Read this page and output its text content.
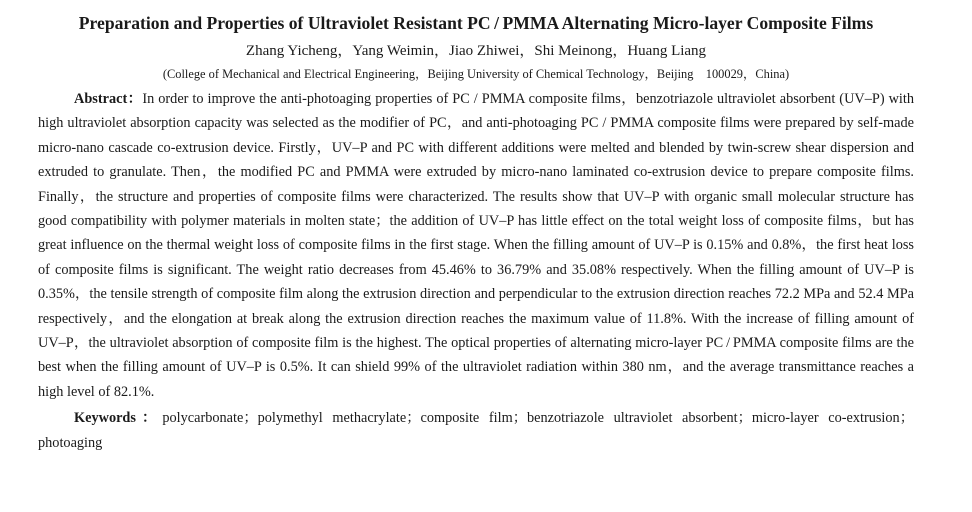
Preparation and Properties of Ultraviolet Resistant PC / PMMA Alternating Micro-layer Composite Films
Zhang Yicheng，Yang Weimin，Jiao Zhiwei，Shi Meinong，Huang Liang
(College of Mechanical and Electrical Engineering，Beijing University of Chemical Technology，Beijing 100029，China)

Abstract：In order to improve the anti-photoaging properties of PC / PMMA composite films，benzotriazole ultraviolet absorbent (UV–P) with high ultraviolet absorption capacity was selected as the modifier of PC，and anti-photoaging PC / PMMA composite films were prepared by self-made micro-nano cascade co-extrusion device. Firstly，UV–P and PC with different additions were melted and blended by twin-screw shear dispersion and extruded to granulate. Then，the modified PC and PMMA were extruded by micro-nano laminated co-extrusion device to prepare composite films. Finally，the structure and properties of composite films were characterized. The results show that UV–P with organic small molecular structure has good compatibility with polymer materials in molten state；the addition of UV–P has little effect on the total weight loss of composite films，but has great influence on the thermal weight loss of composite films in the first stage. When the filling amount of UV–P is 0.15% and 0.8%，the first heat loss of composite films is significant. The weight ratio decreases from 45.46% to 36.79% and 35.08% respectively. When the filling amount of UV–P is 0.35%，the tensile strength of composite film along the extrusion direction and perpendicular to the extrusion direction reaches 72.2 MPa and 52.4 MPa respectively，and the elongation at break along the extrusion direction reaches the maximum value of 11.8%. With the increase of filling amount of UV–P，the ultraviolet absorption of composite film is the highest. The optical properties of alternating micro-layer PC / PMMA composite films are the best when the filling amount of UV–P is 0.5%. It can shield 99% of the ultraviolet radiation within 380 nm，and the average transmittance reaches a high level of 82.1%.

Keywords：polycarbonate；polymethyl methacrylate；composite film；benzotriazole ultraviolet absorbent；micro-layer co-extrusion；photoaging
